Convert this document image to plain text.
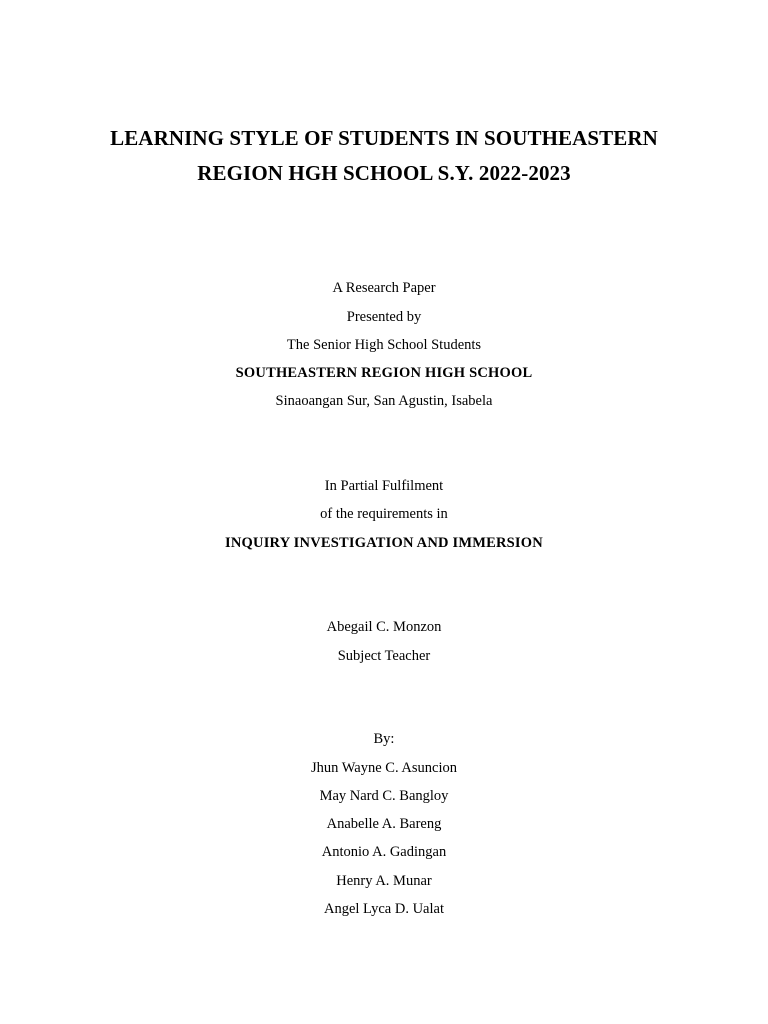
LEARNING STYLE OF STUDENTS IN SOUTHEASTERN
REGION HGH SCHOOL S.Y. 2022-2023
A Research Paper
Presented by
The Senior High School Students
SOUTHEASTERN REGION HIGH SCHOOL
Sinaoangan Sur, San Agustin, Isabela
In Partial Fulfilment
of the requirements in
INQUIRY INVESTIGATION AND IMMERSION
Abegail C. Monzon
Subject Teacher
By:
Jhun Wayne C. Asuncion
May Nard C. Bangloy
Anabelle A. Bareng
Antonio A. Gadingan
Henry A. Munar
Angel Lyca D. Ualat
